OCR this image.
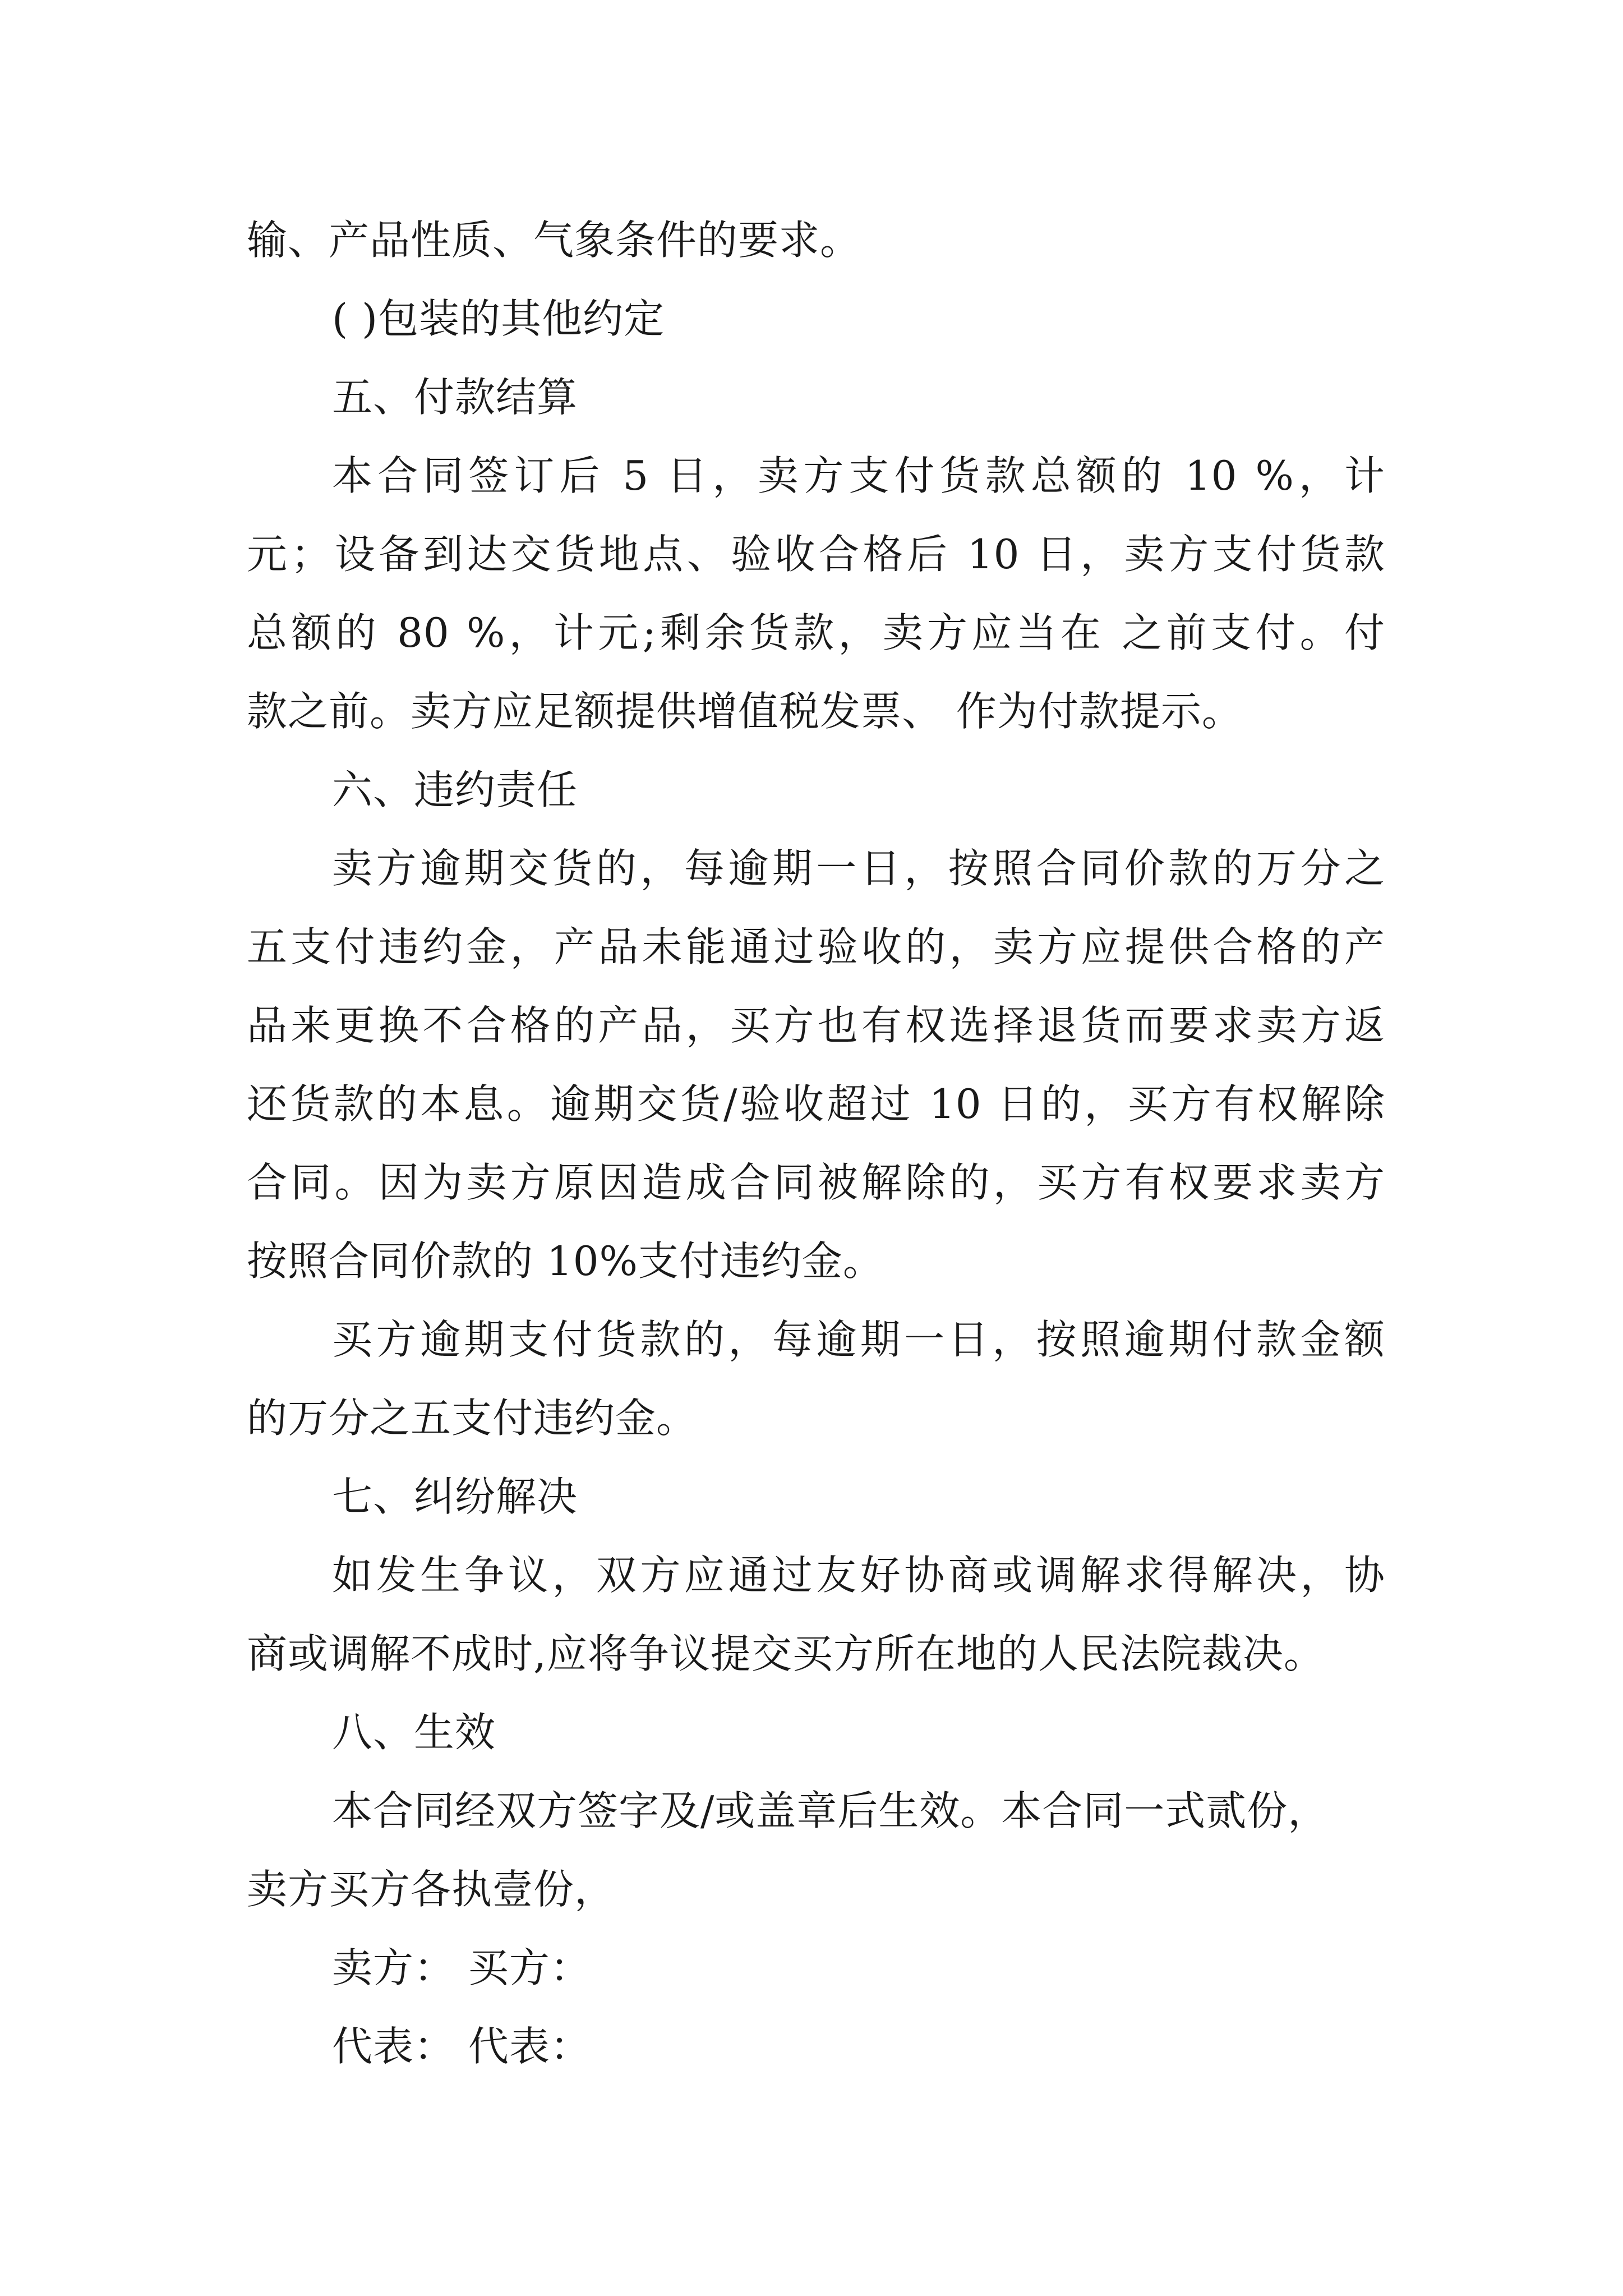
输、产品性质、气象条件的要求。
( )包装的其他约定
五、付款结算
本合同签订后 5 日，卖方支付货款总额的 10 %，计
元；设备到达交货地点、验收合格后 10 日，卖方支付货款
总额的 80 %，计元;剩余货款，卖方应当在 之前支付。付
款之前。卖方应足额提供增值税发票、 作为付款提示。
六、违约责任
卖方逾期交货的，每逾期一日，按照合同价款的万分之
五支付违约金，产品未能通过验收的，卖方应提供合格的产
品来更换不合格的产品，买方也有权选择退货而要求卖方返
还货款的本息。逾期交货/验收超过 10 日的，买方有权解除
合同。因为卖方原因造成合同被解除的，买方有权要求卖方
按照合同价款的 10%支付违约金。
买方逾期支付货款的，每逾期一日，按照逾期付款金额
的万分之五支付违约金。
七、纠纷解决
如发生争议，双方应通过友好协商或调解求得解决，协
商或调解不成时,应将争议提交买方所在地的人民法院裁决。
八、生效
本合同经双方签字及/或盖章后生效。本合同一式贰份，
卖方买方各执壹份，
卖方： 买方：
代表： 代表：
